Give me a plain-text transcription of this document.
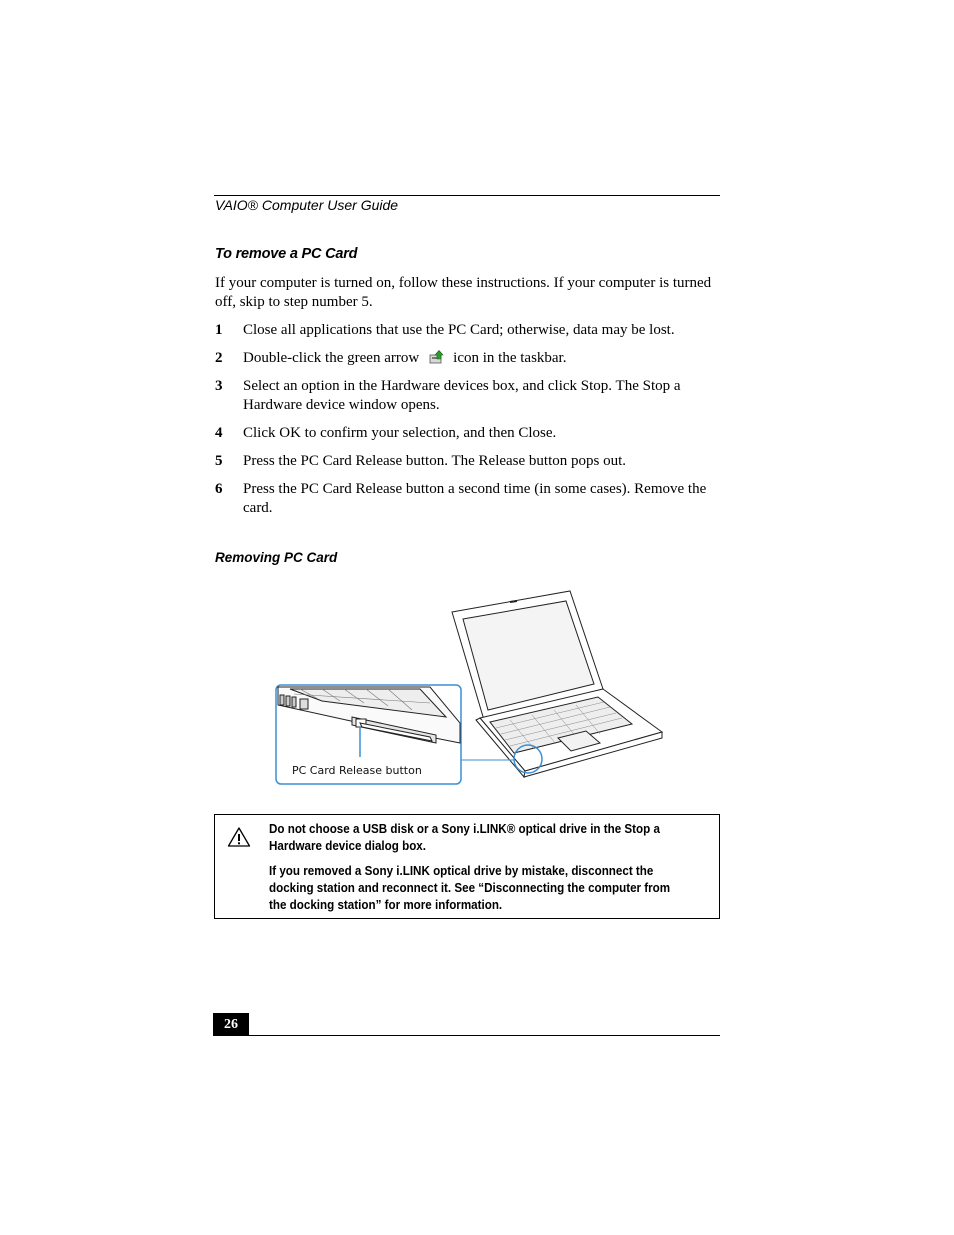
VAIO® Computer User Guide
To remove a PC Card
If your computer is turned on, follow these instructions. If your computer is turned off, skip to step number 5.
1 Close all applications that use the PC Card; otherwise, data may be lost.
2 Double-click the green arrow icon in the taskbar.
3 Select an option in the Hardware devices box, and click Stop. The Stop a Hardware device window opens.
4 Click OK to confirm your selection, and then Close.
5 Press the PC Card Release button. The Release button pops out.
6 Press the PC Card Release button a second time (in some cases). Remove the card.
Removing PC Card
PC Card Release button

Do not choose a USB disk or a Sony i.LINK® optical drive in the Stop a Hardware device dialog box.

If you removed a Sony i.LINK optical drive by mistake, disconnect the docking station and reconnect it. See “Disconnecting the computer from the docking station” for more information.

26
